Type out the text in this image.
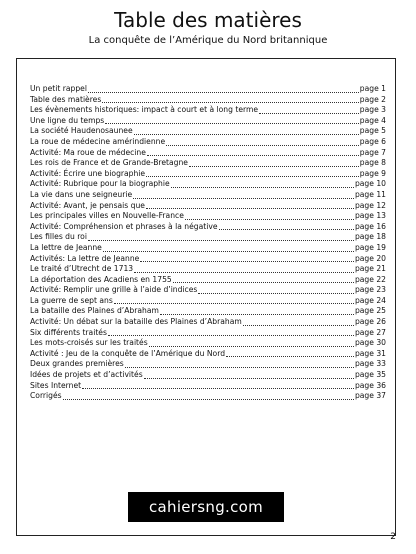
Table des matières
La conquête de l’Amérique du Nord britannique
Un petit rappel	page 1
Table des matières	page 2
Les évènements historiques: impact à court et à long terme	page 3
Une ligne du temps	page 4
La société Haudenosaunee	page 5
La roue de médecine amérindienne	page 6
Activité: Ma roue de médecine	page 7
Les rois de France et de Grande-Bretagne	page 8
Activité: Écrire une biographie	page 9
Activité: Rubrique pour la biographie	page 10
La vie dans une seigneurie	page 11
Activité: Avant, je pensais que	page 12
Les principales villes en Nouvelle-France	page 13
Activité: Compréhension et phrases à la négative	page 16
Les filles du roi	page 18
La lettre de Jeanne	page 19
Activités: La lettre de Jeanne	page 20
Le traité d’Utrecht de 1713	page 21
La déportation des Acadiens en 1755	page 22
Activité: Remplir une grille à l’aide d’indices	page 23
La guerre de sept ans	page 24
La bataille des Plaines d’Abraham	page 25
Activité: Un débat sur la bataille des Plaines d’Abraham	page 26
Six différents traités	page 27
Les mots-croisés sur les traités	page 30
Activité : Jeu de la conquête de l’Amérique du Nord	page 31
Deux grandes premières	page 33
Idées de projets et d’activités	page 35
Sites Internet	page 36
Corrigés	page 37
cahiersng.com
2
